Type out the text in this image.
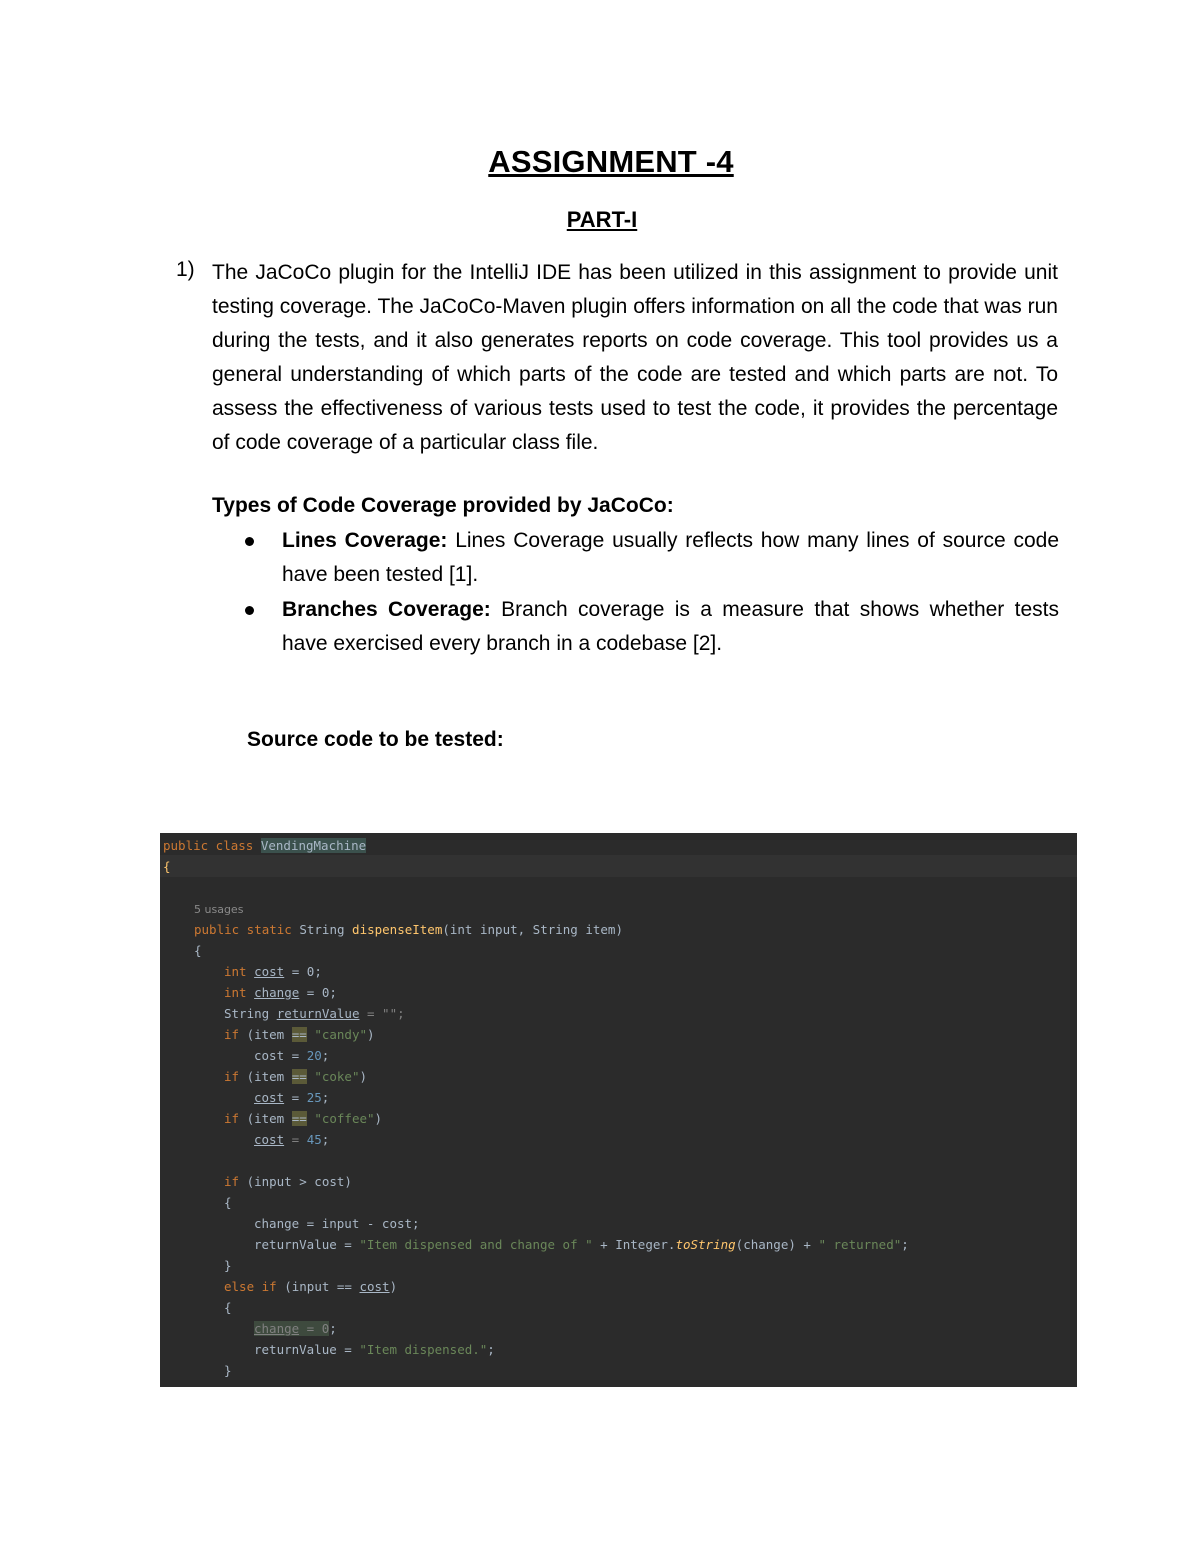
ASSIGNMENT -4
PART-I
1) The JaCoCo plugin for the IntelliJ IDE has been utilized in this assignment to provide unit testing coverage. The JaCoCo-Maven plugin offers information on all the code that was run during the tests, and it also generates reports on code coverage. This tool provides us a general understanding of which parts of the code are tested and which parts are not. To assess the effectiveness of various tests used to test the code, it provides the percentage of code coverage of a particular class file.
Types of Code Coverage provided by JaCoCo:
Lines Coverage: Lines Coverage usually reflects how many lines of source code have been tested [1].
Branches Coverage: Branch coverage is a measure that shows whether tests have exercised every branch in a codebase [2].
Source code to be tested:
public class VendingMachine
{
5 usages
public static String dispenseItem(int input, String item)
{
int cost = 0;
int change = 0;
String returnValue = "";
if (item == "candy")
cost = 20;
if (item == "coke")
cost = 25;
if (item == "coffee")
cost = 45;
if (input > cost)
{
change = input - cost;
returnValue = "Item dispensed and change of " + Integer.toString(change) + " returned";
}
else if (input == cost)
{
change = 0;
returnValue = "Item dispensed.";
}
